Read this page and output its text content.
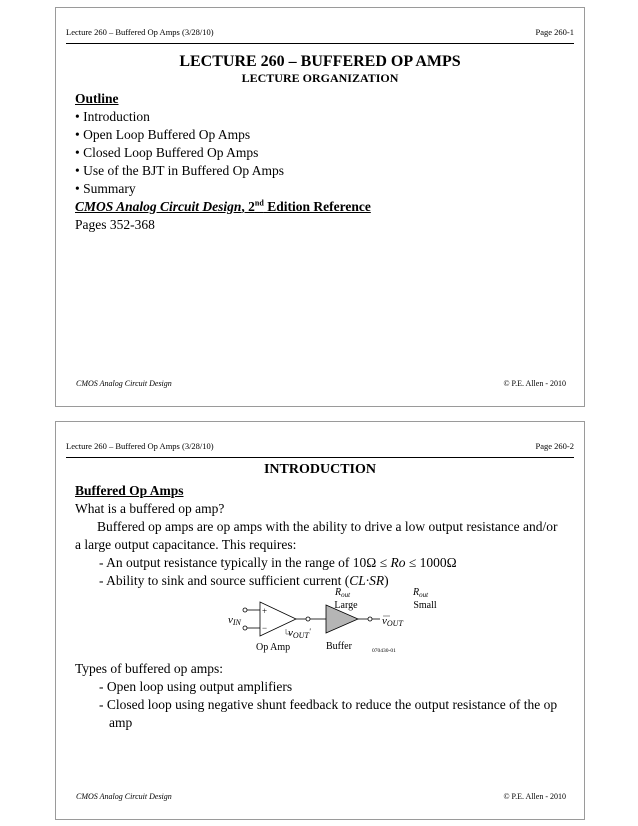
Lecture 260 – Buffered Op Amps (3/28/10)	Page 260-1
LECTURE 260 – BUFFERED OP AMPS
LECTURE ORGANIZATION
Outline
• Introduction
• Open Loop Buffered Op Amps
• Closed Loop Buffered Op Amps
• Use of the BJT in Buffered Op Amps
• Summary
CMOS Analog Circuit Design, 2nd Edition Reference
Pages 352-368
CMOS Analog Circuit Design	© P.E. Allen - 2010
Lecture 260 – Buffered Op Amps (3/28/10)	Page 260-2
INTRODUCTION
Buffered Op Amps
What is a buffered op amp?
Buffered op amps are op amps with the ability to drive a low output resistance and/or
a large output capacitance. This requires:
- An output resistance typically in the range of 10Ω ≤ Ro ≤ 1000Ω
- Ability to sink and source sufficient current (CL·SR)
+
−
$R_{out}$
Large
$R_{out}$
Small
vIN
vOUT'
vOUT
Op Amp	Buffer	070430-01
Types of buffered op amps:
- Open loop using output amplifiers
- Closed loop using negative shunt feedback to reduce the output resistance of the op
amp
CMOS Analog Circuit Design	© P.E. Allen - 2010
